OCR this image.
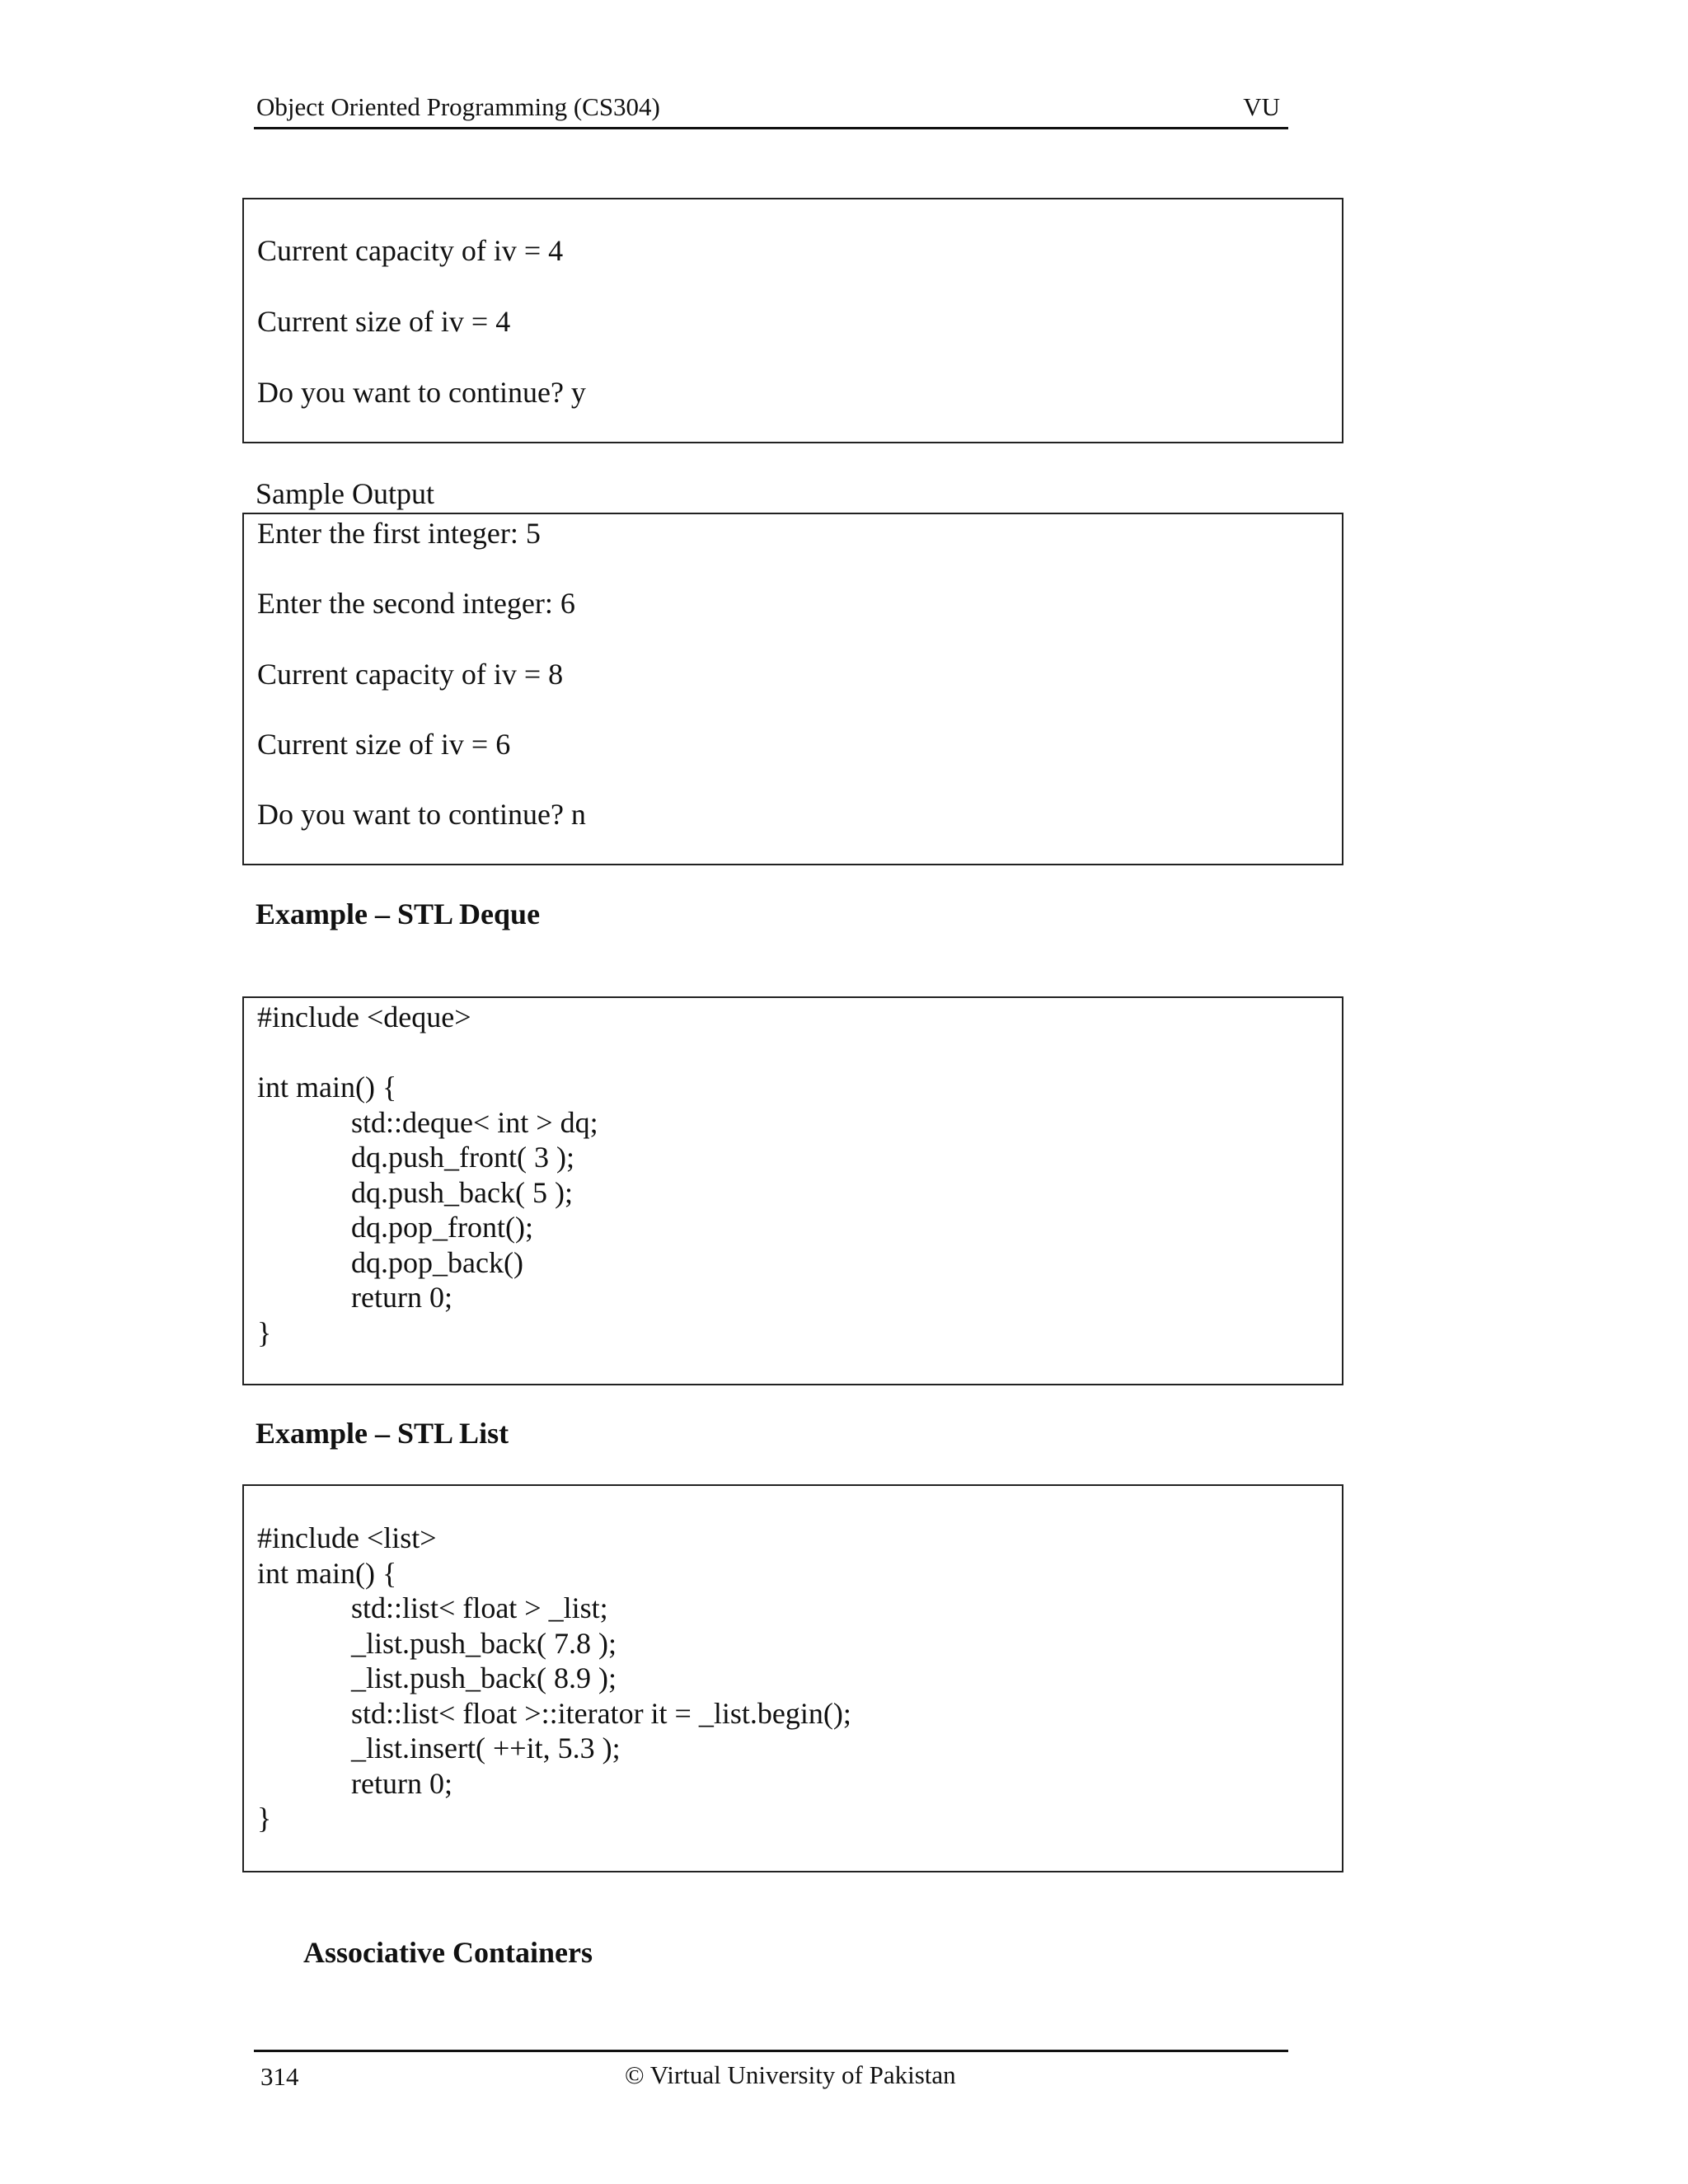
Object Oriented Programming (CS304)	VU
Current capacity of iv = 4
Current size of iv = 4
Do you want to continue? y
Sample Output
Enter the first integer: 5
Enter the second integer: 6
Current capacity of iv = 8
Current size of iv = 6
Do you want to continue? n
Example – STL Deque
#include <deque>
int main() {
std::deque< int > dq;
dq.push_front( 3 );
dq.push_back( 5 );
dq.pop_front();
dq.pop_back()
return 0;
}
Example – STL List
#include <list>
int main() {
std::list< float > _list;
_list.push_back( 7.8 );
_list.push_back( 8.9 );
std::list< float >::iterator it = _list.begin();
_list.insert( ++it, 5.3 );
return 0;
}
Associative Containers
314	© Virtual University of Pakistan
